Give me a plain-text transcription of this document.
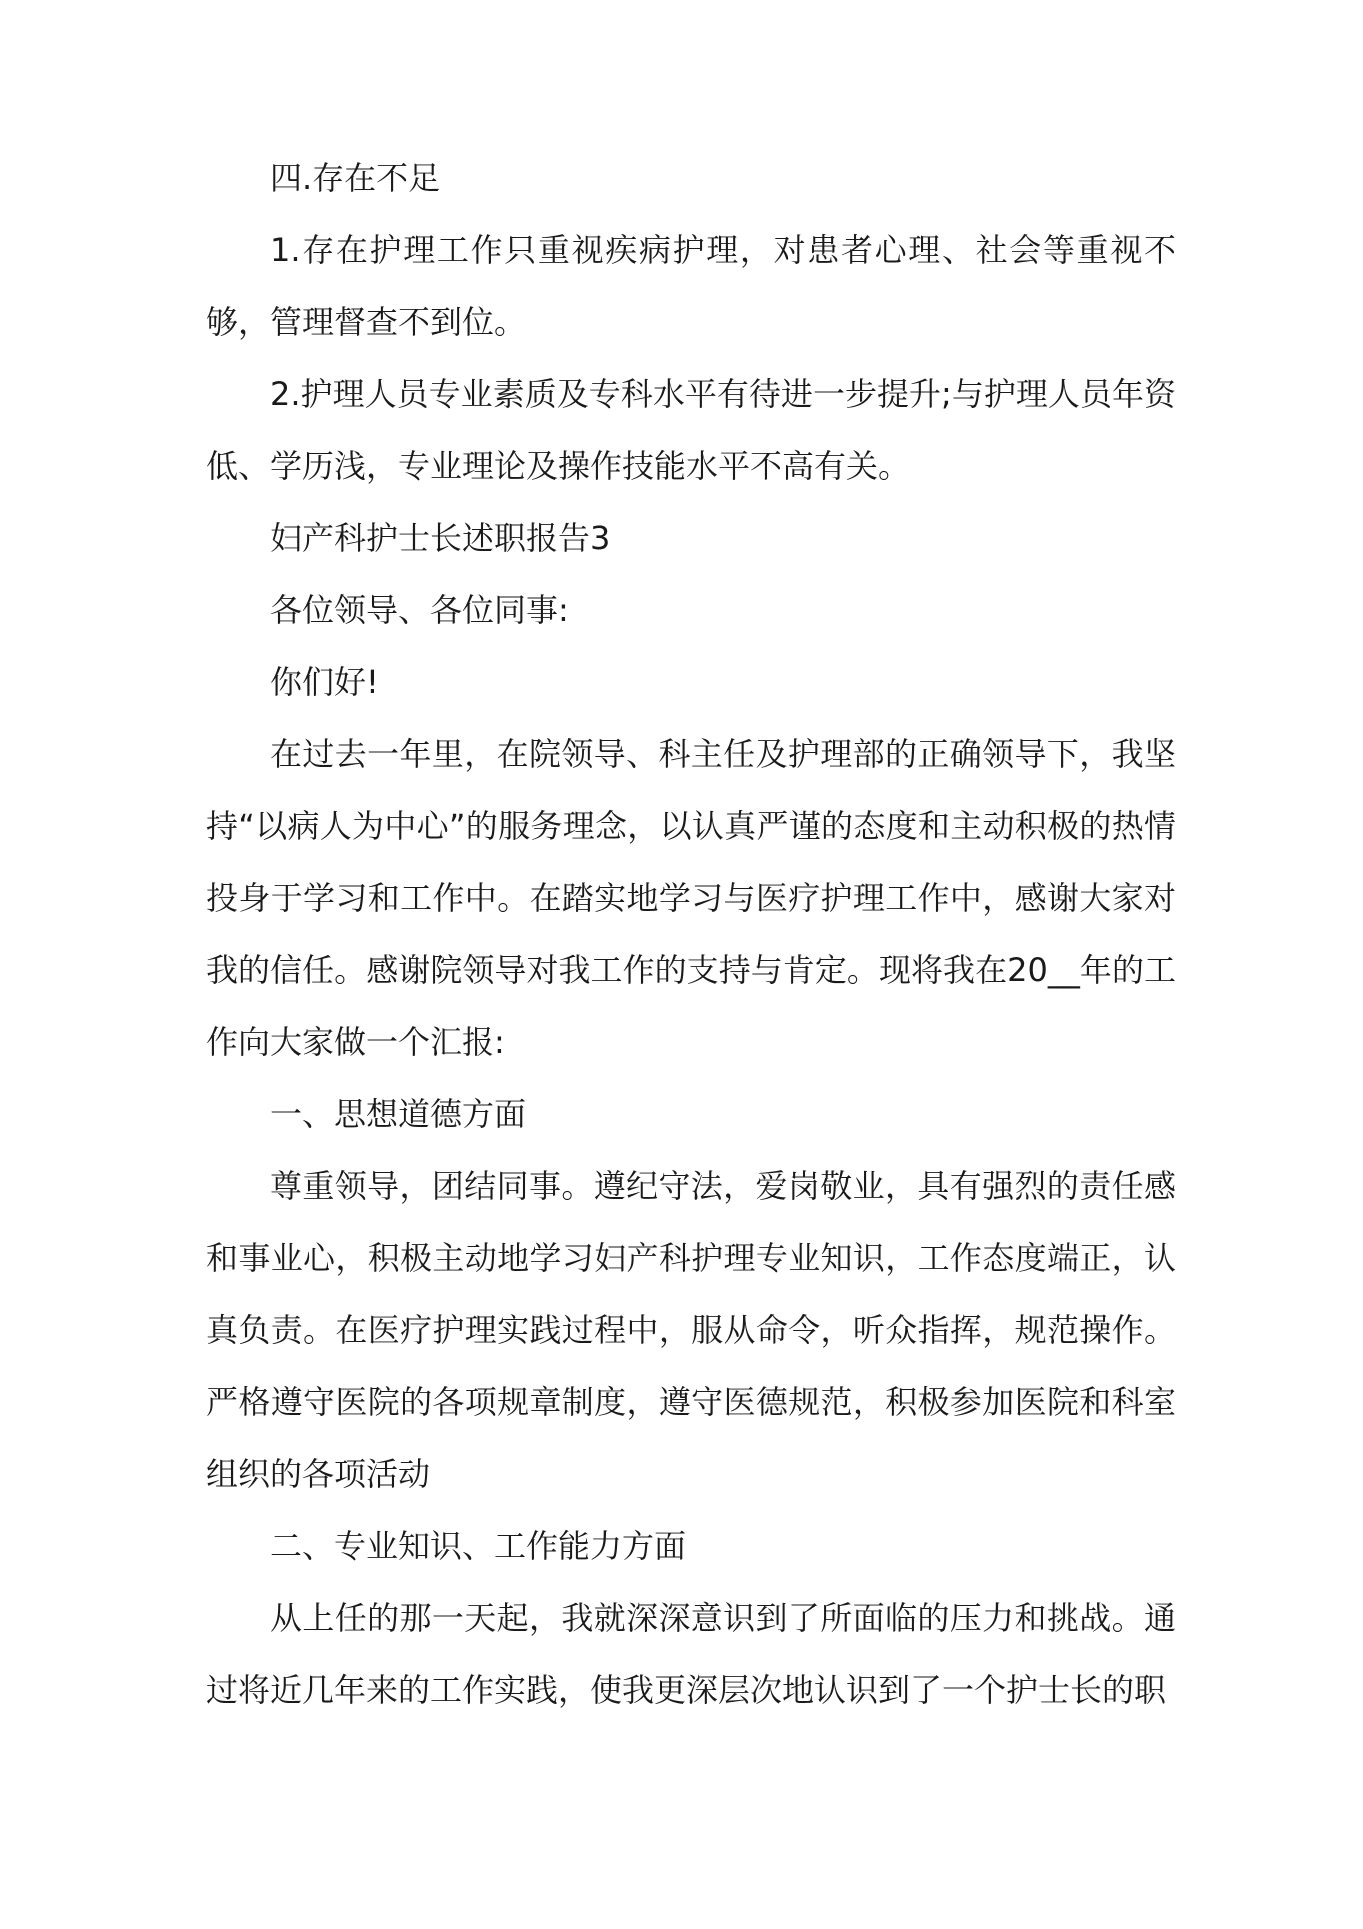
四.存在不足

1.存在护理工作只重视疾病护理，对患者心理、社会等重视不够，管理督查不到位。

2.护理人员专业素质及专科水平有待进一步提升;与护理人员年资低、学历浅，专业理论及操作技能水平不高有关。

妇产科护士长述职报告3

各位领导、各位同事:

你们好!

在过去一年里，在院领导、科主任及护理部的正确领导下，我坚持“以病人为中心”的服务理念，以认真严谨的态度和主动积极的热情投身于学习和工作中。在踏实地学习与医疗护理工作中，感谢大家对我的信任。感谢院领导对我工作的支持与肯定。现将我在20__年的工作向大家做一个汇报:

一、思想道德方面

尊重领导，团结同事。遵纪守法，爱岗敬业，具有强烈的责任感和事业心，积极主动地学习妇产科护理专业知识，工作态度端正，认真负责。在医疗护理实践过程中，服从命令，听众指挥，规范操作。严格遵守医院的各项规章制度，遵守医德规范，积极参加医院和科室组织的各项活动

二、专业知识、工作能力方面

从上任的那一天起，我就深深意识到了所面临的压力和挑战。通过将近几年来的工作实践，使我更深层次地认识到了一个护士长的职
